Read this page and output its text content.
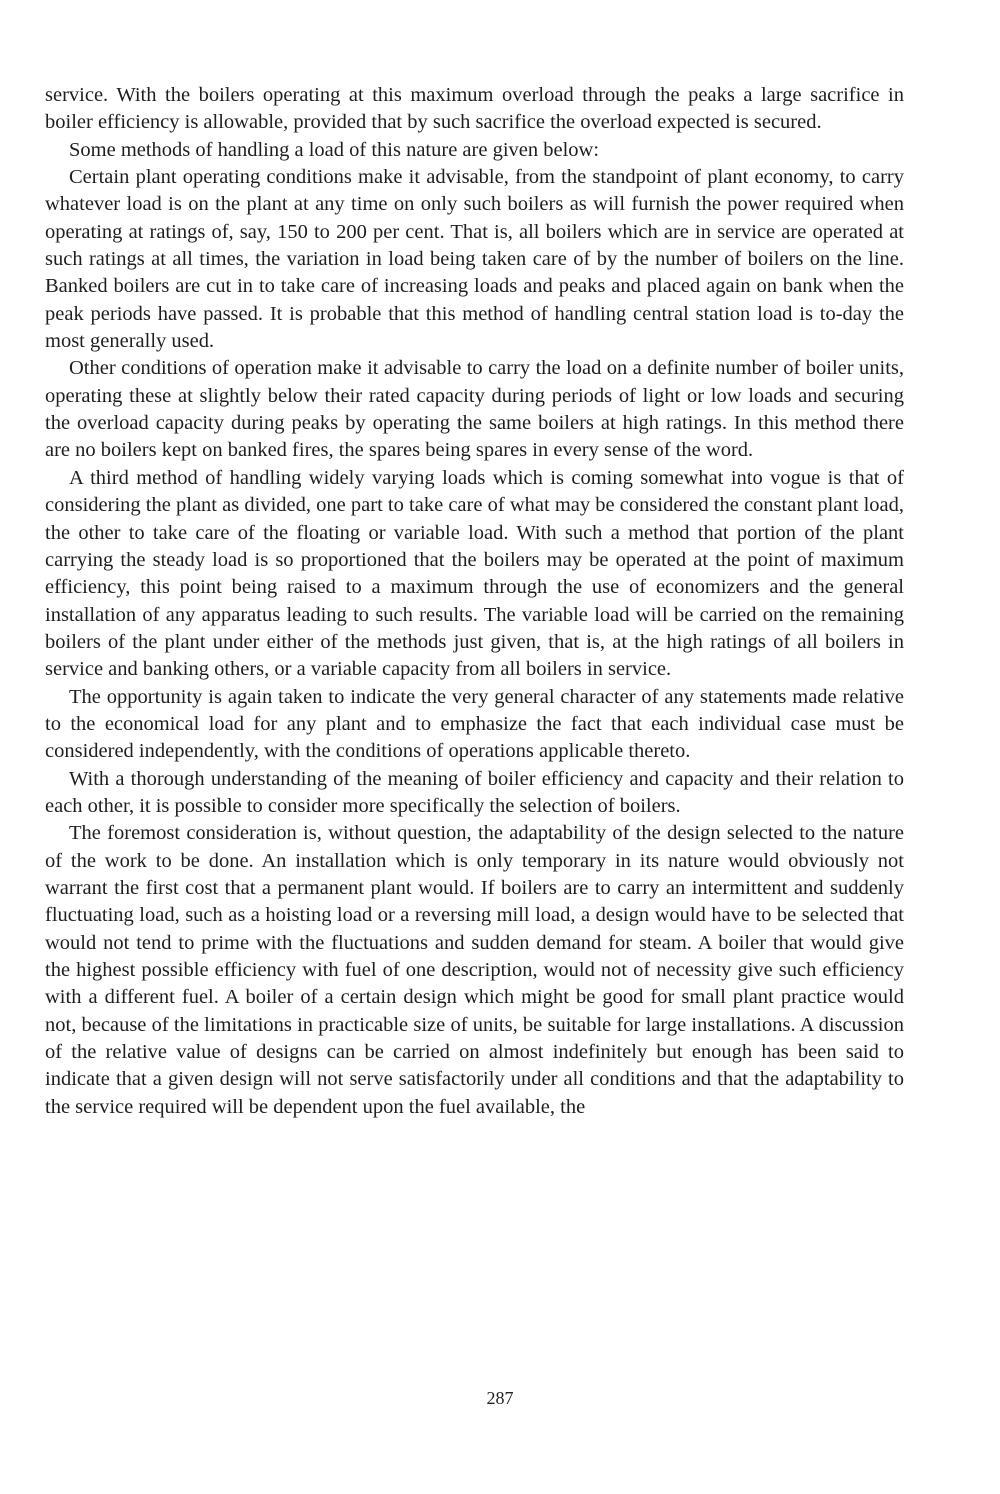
service. With the boilers operating at this maximum overload through the peaks a large sacrifice in boiler efficiency is allowable, provided that by such sacrifice the overload expected is secured.

Some methods of handling a load of this nature are given below:

Certain plant operating conditions make it advisable, from the standpoint of plant economy, to carry whatever load is on the plant at any time on only such boilers as will furnish the power required when operating at ratings of, say, 150 to 200 per cent. That is, all boilers which are in service are operated at such ratings at all times, the variation in load being taken care of by the number of boilers on the line. Banked boilers are cut in to take care of increasing loads and peaks and placed again on bank when the peak periods have passed. It is probable that this method of handling central station load is to-day the most generally used.

Other conditions of operation make it advisable to carry the load on a definite number of boiler units, operating these at slightly below their rated capacity during periods of light or low loads and securing the overload capacity during peaks by operating the same boilers at high ratings. In this method there are no boilers kept on banked fires, the spares being spares in every sense of the word.

A third method of handling widely varying loads which is coming somewhat into vogue is that of considering the plant as divided, one part to take care of what may be considered the constant plant load, the other to take care of the floating or variable load. With such a method that portion of the plant carrying the steady load is so proportioned that the boilers may be operated at the point of maximum efficiency, this point being raised to a maximum through the use of economizers and the general installation of any apparatus leading to such results. The variable load will be carried on the remaining boilers of the plant under either of the methods just given, that is, at the high ratings of all boilers in service and banking others, or a variable capacity from all boilers in service.

The opportunity is again taken to indicate the very general character of any statements made relative to the economical load for any plant and to emphasize the fact that each individual case must be considered independently, with the conditions of operations applicable thereto.

With a thorough understanding of the meaning of boiler efficiency and capacity and their relation to each other, it is possible to consider more specifically the selection of boilers.

The foremost consideration is, without question, the adaptability of the design selected to the nature of the work to be done. An installation which is only temporary in its nature would obviously not warrant the first cost that a permanent plant would. If boilers are to carry an intermittent and suddenly fluctuating load, such as a hoisting load or a reversing mill load, a design would have to be selected that would not tend to prime with the fluctuations and sudden demand for steam. A boiler that would give the highest possible efficiency with fuel of one description, would not of necessity give such efficiency with a different fuel. A boiler of a certain design which might be good for small plant practice would not, because of the limitations in practicable size of units, be suitable for large installations. A discussion of the relative value of designs can be carried on almost indefinitely but enough has been said to indicate that a given design will not serve satisfactorily under all conditions and that the adaptability to the service required will be dependent upon the fuel available, the

287
